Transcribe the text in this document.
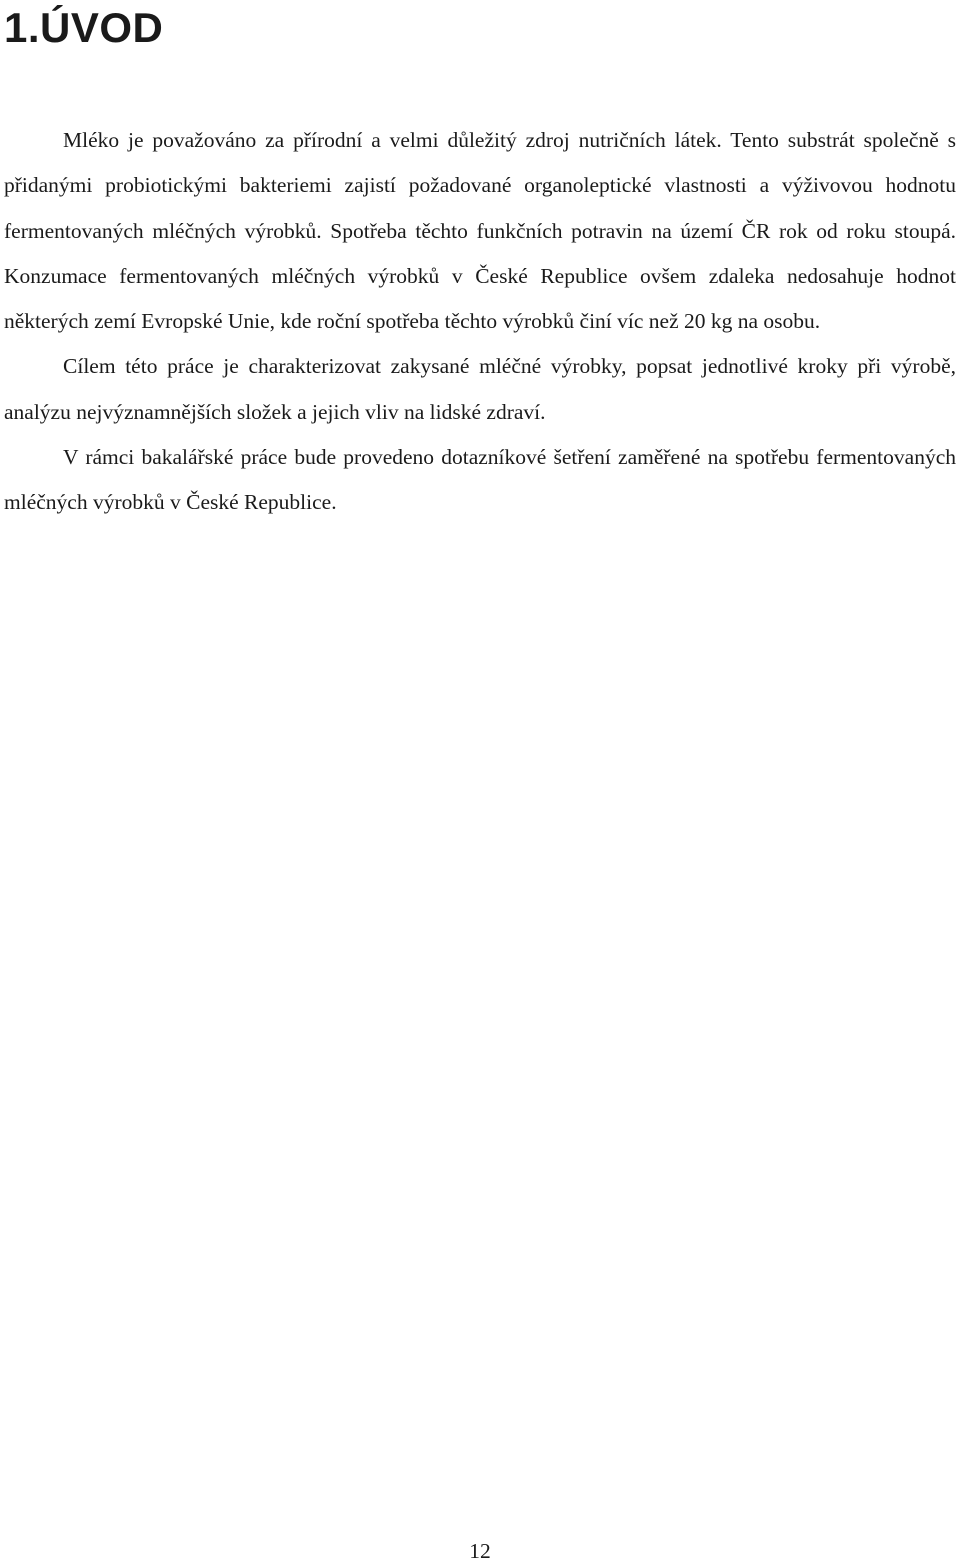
1.ÚVOD

Mléko je považováno za přírodní a velmi důležitý zdroj nutričních látek. Tento substrát společně s přidanými probiotickými bakteriemi zajistí požadované organoleptické vlastnosti a výživovou hodnotu fermentovaných mléčných výrobků. Spotřeba těchto funkčních potravin na území ČR rok od roku stoupá. Konzumace fermentovaných mléčných výrobků v České Republice ovšem zdaleka nedosahuje hodnot některých zemí Evropské Unie, kde roční spotřeba těchto výrobků činí víc než 20 kg na osobu.

Cílem této práce je charakterizovat zakysané mléčné výrobky, popsat jednotlivé kroky při výrobě, analýzu nejvýznamnějších složek a jejich vliv na lidské zdraví.

V rámci bakalářské práce bude provedeno dotazníkové šetření zaměřené na spotřebu fermentovaných mléčných výrobků v České Republice.

12
